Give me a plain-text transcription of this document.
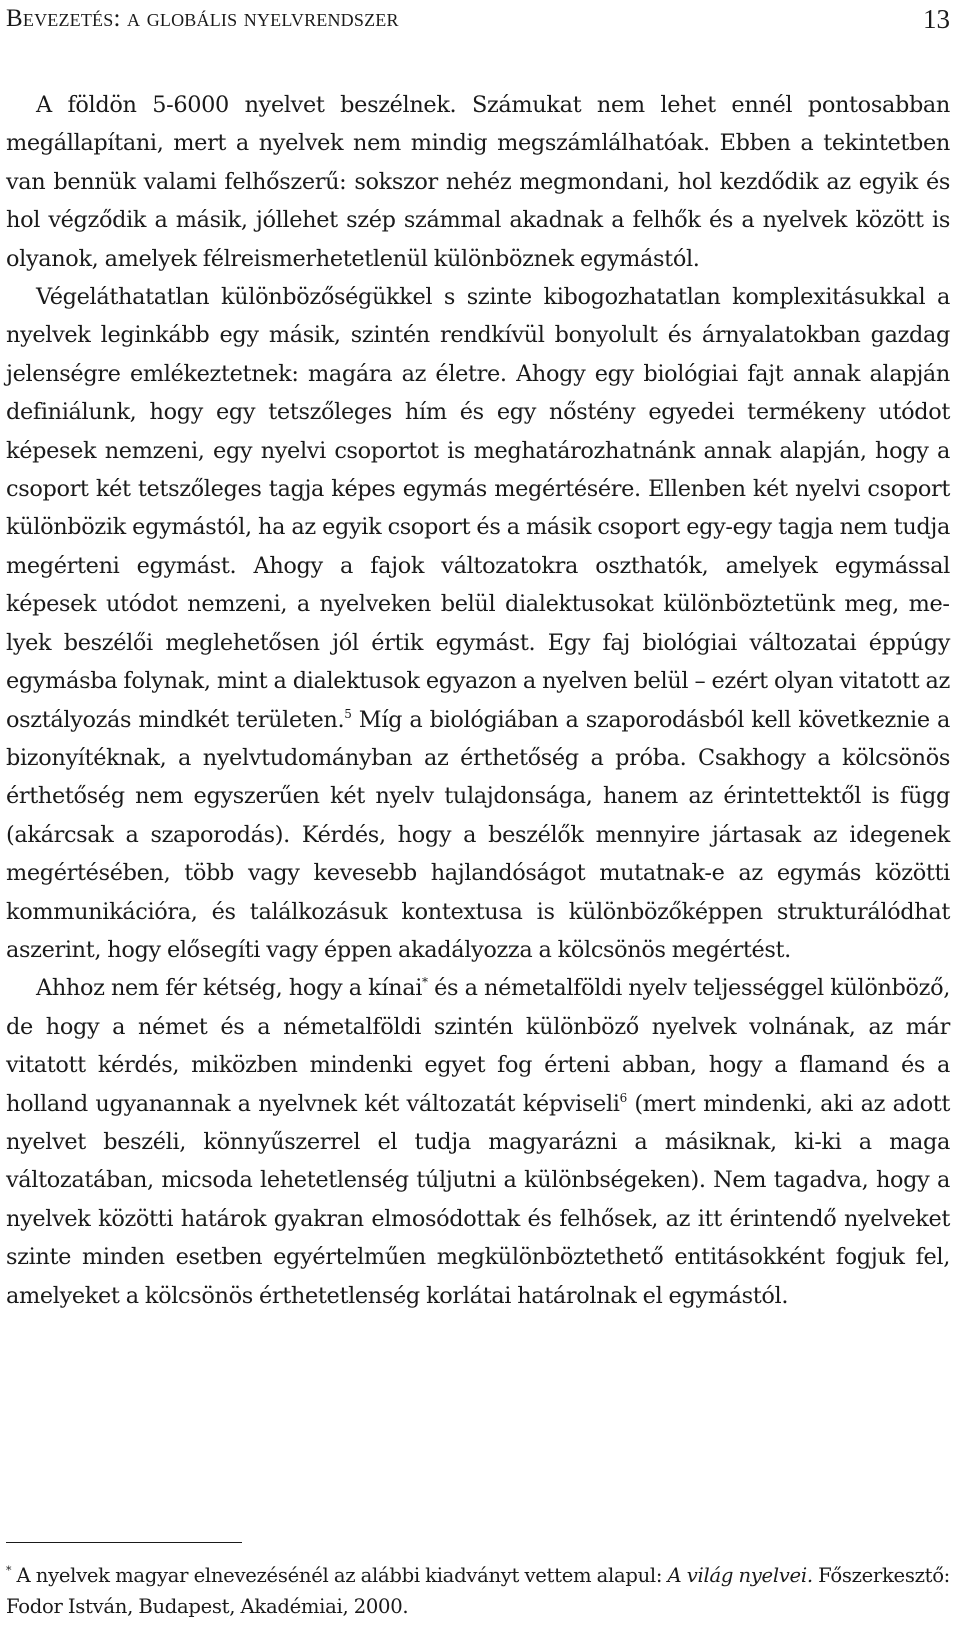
Bevezetés: a globális nyelvrendszer	13

A földön 5-6000 nyelvet beszélnek. Számukat nem lehet ennél pontosabban megállapítani, mert a nyelvek nem mindig megszámlálhatóak. Ebben a tekintetben van bennük valami felhőszerű: sokszor nehéz megmondani, hol kezdődik az egyik és hol végződik a másik, jóllehet szép számmal akadnak a felhők és a nyelvek között is olyanok, amelyek félreismerhetetlenül különböznek egymástól.

Végeláthatatlan különbözőségükkel s szinte kibogozhatatlan komplexitásukkal a nyelvek leginkább egy másik, szintén rendkívül bonyolult és árnyalatokban gazdag jelenségre emlékeztetnek: magára az életre. Ahogy egy biológiai fajt annak alapján definiálunk, hogy egy tetszőleges hím és egy nőstény egyedei termékeny utódot képesek nemzeni, egy nyelvi csoportot is meghatározhatnánk annak alapján, hogy a csoport két tetszőleges tagja képes egymás megértésére. Ellenben két nyelvi csoport különbözik egymástól, ha az egyik csoport és a másik csoport egy-egy tagja nem tudja megérteni egymást. Ahogy a fajok változatokra oszthatók, amelyek egymással képesek utódot nemzeni, a nyelveken belül dialektusokat különböztetünk meg, melyek beszélői meglehetősen jól értik egymást. Egy faj biológiai változatai éppúgy egymásba folynak, mint a dialektusok egyazon a nyelven belül – ezért olyan vitatott az osztályozás mindkét területen.$^5$ Míg a biológiában a szaporodásból kell következnie a bizonyítéknak, a nyelvtudományban az érthetőség a próba. Csakhogy a kölcsönös érthetőség nem egyszerűen két nyelv tulajdonsága, hanem az érintettektől is függ (akárcsak a szaporodás). Kérdés, hogy a beszélők mennyire jártasak az idegenek megértésében, több vagy kevesebb hajlandóságot mutatnak-e az egymás közötti kommunikációra, és találkozásuk kontextusa is különbözőképpen strukturálódhat aszerint, hogy elősegíti vagy éppen akadályozza a kölcsönös megértést.

Ahhoz nem fér kétség, hogy a kínai* és a németalföldi nyelv teljességgel különböző, de hogy a német és a németalföldi szintén különböző nyelvek volnának, az már vitatott kérdés, miközben mindenki egyet fog érteni abban, hogy a flamand és a holland ugyanannak a nyelvnek két változatát képviseli$^6$ (mert mindenki, aki az adott nyelvet beszéli, könnyűszerrel el tudja magyarázni a másiknak, ki-ki a maga változatában, micsoda lehetetlenség túljutni a különbségeken). Nem tagadva, hogy a nyelvek közötti határok gyakran elmosódottak és felhősek, az itt érintendő nyelveket szinte minden esetben egyértelműen megkülönböztethető entitásokként fogjuk fel, amelyeket a kölcsönös érthetetlenség korlátai határolnak el egymástól.

* A nyelvek magyar elnevezésénél az alábbi kiadványt vettem alapul: A világ nyelvei. Főszerkesztő: Fodor István, Budapest, Akadémiai, 2000.
